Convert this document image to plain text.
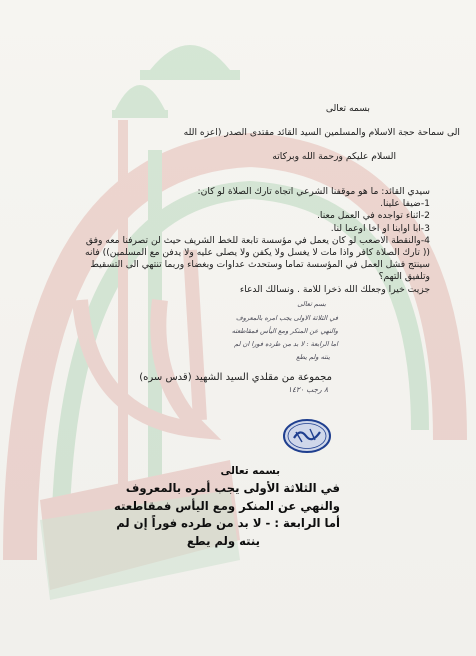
بسمه تعالى
الى سماحة حجة الاسلام والمسلمين السيد القائد مقتدى الصدر (اعزه الله
السلام عليكم ورحمة الله وبركاته
سيدي القائد: ما هو موقفنا الشرعي اتجاه تارك الصلاة لو كان:
1-ضيفا علينا.
2-اثناء تواجده في العمل معنا.
3-ابا اوابنا او اخا اوعما لنا.
4-والنقطة الاصعب لو كان يعمل في مؤسسة تابعة للخط الشريف حيث لن تصرفنا معه وفق
(( تارك الصلاة كافر واذا مات لا يغسل ولا يكفن ولا يصلى عليه ولا يدفن مع المسلمين)) فانه
سينتج فشل العمل في المؤسسة تماما وستحدث عداوات وبغضاء وربما تنتهي الى التسقيط
وتلفيق التهم؟
جزيت خيرا وجعلك الله ذخرا للامة . ونسالك الدعاء
بسم تعالى
في الثلاثة الاولى يجب امره بالمعروف
والنهي عن المنكر ومع اليأس فمقاطعته
اما الرابعة : لا بد من طرده فورا ان لم
ينته ولم يطع
مجموعة من مقلدي السيد الشهيد (قدس سره)
٨ رجب ١٤٢٠
بسمه تعالى
في الثلاثة الأولى يجب أمره بالمعروف
والنهي عن المنكر ومع اليأس فمقاطعته
أما الرابعة : - لا بد من طرده فوراً إن لم
ينته ولم يطع
